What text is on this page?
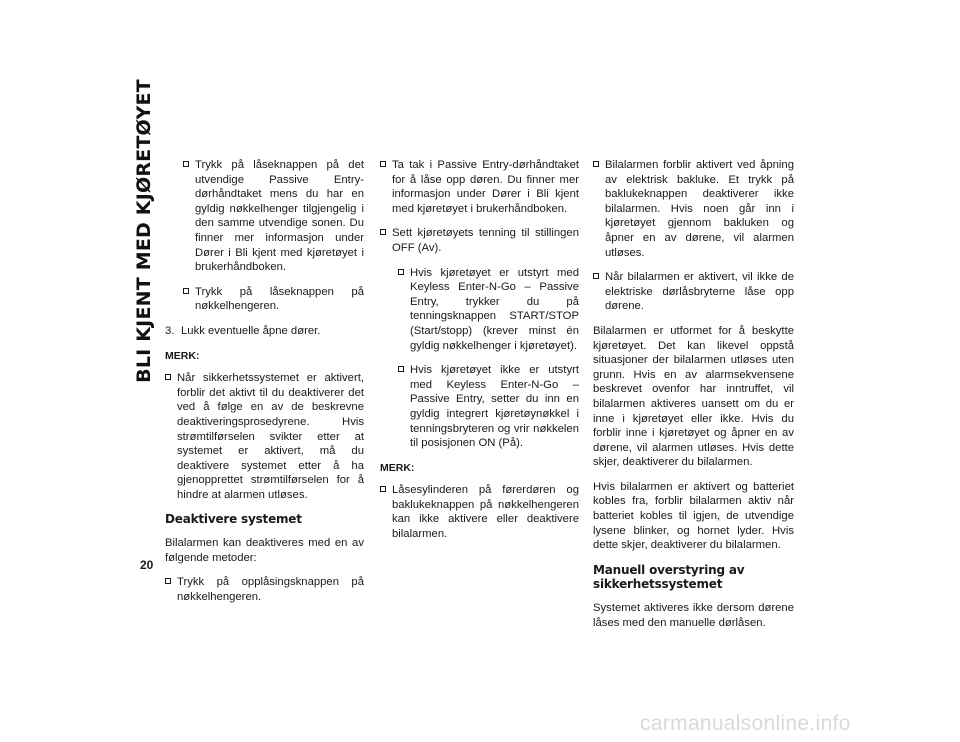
BLI KJENT MED KJØRETØYET
20
Trykk på låseknappen på det utvendige Passive Entry-dørhåndtaket mens du har en gyldig nøkkelhenger tilgjengelig i den samme utvendige sonen. Du finner mer informasjon under Dører i Bli kjent med kjøretøyet i brukerhåndboken.
Trykk på låseknappen på nøkkelhengeren.
3. Lukk eventuelle åpne dører.
MERK:
Når sikkerhetssystemet er aktivert, forblir det aktivt til du deaktiverer det ved å følge en av de beskrevne deaktiveringsprosedyrene. Hvis strømtilførselen svikter etter at systemet er aktivert, må du deaktivere systemet etter å ha gjenopprettet strømtilførselen for å hindre at alarmen utløses.
Deaktivere systemet

Bilalarmen kan deaktiveres med en av følgende metoder:

Trykk på opplåsingsknappen på nøkkelhengeren.
Ta tak i Passive Entry-dørhåndtaket for å låse opp døren. Du finner mer informasjon under Dører i Bli kjent med kjøretøyet i brukerhåndboken.
Sett kjøretøyets tenning til stillingen OFF (Av).
Hvis kjøretøyet er utstyrt med Keyless Enter-N-Go – Passive Entry, trykker du på tenningsknappen START/STOP (Start/stopp) (krever minst én gyldig nøkkelhenger i kjøretøyet).
Hvis kjøretøyet ikke er utstyrt med Keyless Enter-N-Go – Passive Entry, setter du inn en gyldig integrert kjøretøynøkkel i tenningsbryteren og vrir nøkkelen til posisjonen ON (På).
MERK:
Låsesylinderen på førerdøren og baklukeknappen på nøkkelhengeren kan ikke aktivere eller deaktivere bilalarmen.
Bilalarmen forblir aktivert ved åpning av elektrisk bakluke. Et trykk på baklukeknappen deaktiverer ikke bilalarmen. Hvis noen går inn i kjøretøyet gjennom bakluken og åpner en av dørene, vil alarmen utløses.
Når bilalarmen er aktivert, vil ikke de elektriske dørlåsbryterne låse opp dørene.

Bilalarmen er utformet for å beskytte kjøretøyet. Det kan likevel oppstå situasjoner der bilalarmen utløses uten grunn. Hvis en av alarmsekvensene beskrevet ovenfor har inntruffet, vil bilalarmen aktiveres uansett om du er inne i kjøretøyet eller ikke. Hvis du forblir inne i kjøretøyet og åpner en av dørene, vil alarmen utløses. Hvis dette skjer, deaktiverer du bilalarmen.

Hvis bilalarmen er aktivert og batteriet kobles fra, forblir bilalarmen aktiv når batteriet kobles til igjen, de utvendige lysene blinker, og hornet lyder. Hvis dette skjer, deaktiverer du bilalarmen.

Manuell overstyring av sikkerhetssystemet

Systemet aktiveres ikke dersom dørene låses med den manuelle dørlåsen.

carmanualsonline.info
